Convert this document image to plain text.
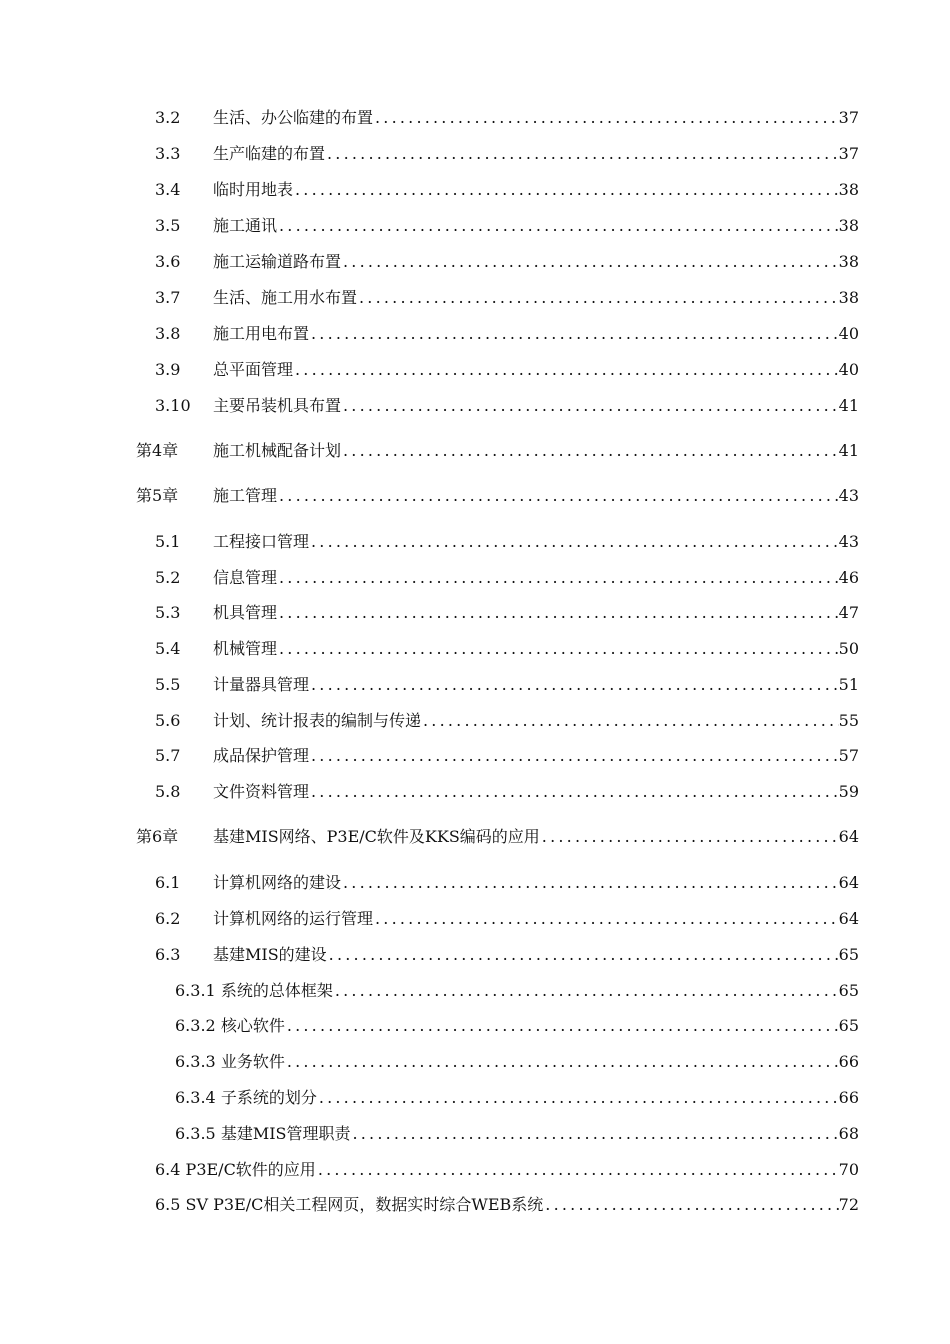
3.2 生活、办公临建的布置 .....	37
3.3 生产临建的布置 .....	37
3.4 临时用地表 .....	38
3.5 施工通讯 .....	38
3.6 施工运输道路布置 .....	38
3.7 生活、施工用水布置 .....	38
3.8 施工用电布置 .....	40
3.9 总平面管理 .....	40
3.10 主要吊装机具布置 .....	41
第4章 施工机械配备计划 .....	41
第5章 施工管理 .....	43
5.1 工程接口管理 .....	43
5.2 信息管理 .....	46
5.3 机具管理 .....	47
5.4 机械管理 .....	50
5.5 计量器具管理 .....	51
5.6 计划、统计报表的编制与传递 .....	55
5.7 成品保护管理 .....	57
5.8 文件资料管理 .....	59
第6章 基建MIS网络、P3E/C软件及KKS编码的应用 .....	64
6.1 计算机网络的建设 .....	64
6.2 计算机网络的运行管理 .....	64
6.3 基建MIS的建设 .....	65
6.3.1 系统的总体框架 .....	65
6.3.2 核心软件 .....	65
6.3.3 业务软件 .....	66
6.3.4 子系统的划分 .....	66
6.3.5 基建MIS管理职责 .....	68
6.4 P3E/C软件的应用 .....	70
6.5 SV P3E/C相关工程网页，数据实时综合WEB系统 .....	72
